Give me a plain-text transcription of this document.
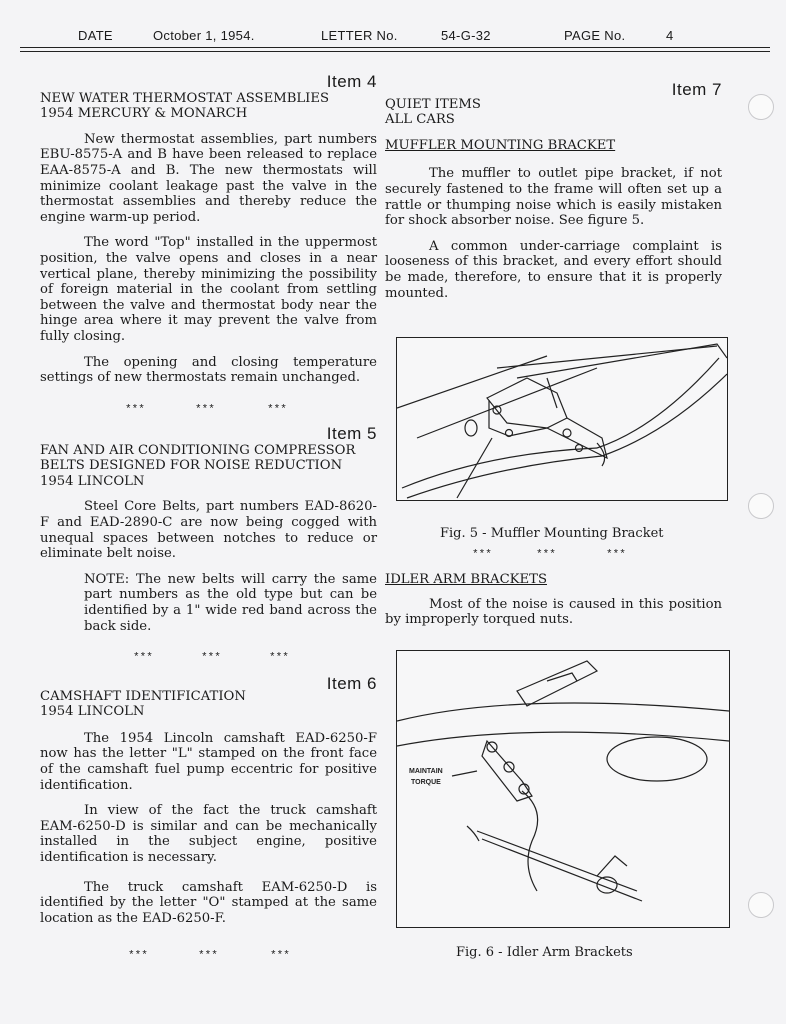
DATE	October 1, 1954.	LETTER No.	54-G-32	PAGE No.	4
Item 4
NEW WATER THERMOSTAT ASSEMBLIES
1954 MERCURY & MONARCH

New thermostat assemblies, part numbers EBU-8575-A and B have been released to replace EAA-8575-A and B. The new thermostats will minimize coolant leakage past the valve in the thermostat assemblies and thereby reduce the engine warm-up period.

The word "Top" installed in the uppermost position, the valve opens and closes in a near vertical plane, thereby minimizing the possibility of foreign material in the coolant from settling between the valve and thermostat body near the hinge area where it may prevent the valve from fully closing.

The opening and closing temperature settings of new thermostats remain unchanged.

***	***	***
Item 5
FAN AND AIR CONDITIONING COMPRESSOR
BELTS DESIGNED FOR NOISE REDUCTION
1954 LINCOLN

Steel Core Belts, part numbers EAD-8620-F and EAD-2890-C are now being cogged with unequal spaces between notches to reduce or eliminate belt noise.

NOTE: The new belts will carry the same part numbers as the old type but can be identified by a 1" wide red band across the back side.

***	***	***
Item 6
CAMSHAFT IDENTIFICATION
1954 LINCOLN

The 1954 Lincoln camshaft EAD-6250-F now has the letter "L" stamped on the front face of the camshaft fuel pump eccentric for positive identification.

In view of the fact the truck camshaft EAM-6250-D is similar and can be mechanically installed in the subject engine, positive identification is necessary.

The truck camshaft EAM-6250-D is identified by the letter "O" stamped at the same location as the EAD-6250-F.

***	***	***
Item 7
QUIET ITEMS
ALL CARS
MUFFLER MOUNTING BRACKET

The muffler to outlet pipe bracket, if not securely fastened to the frame will often set up a rattle or thumping noise which is easily mistaken for shock absorber noise. See figure 5.

A common under-carriage complaint is looseness of this bracket, and every effort should be made, therefore, to ensure that it is properly mounted.

Fig. 5 - Muffler Mounting Bracket
***	***	***
IDLER ARM BRACKETS

Most of the noise is caused in this position by improperly torqued nuts.

MAINTAIN
TORQUE
Fig. 6 - Idler Arm Brackets
